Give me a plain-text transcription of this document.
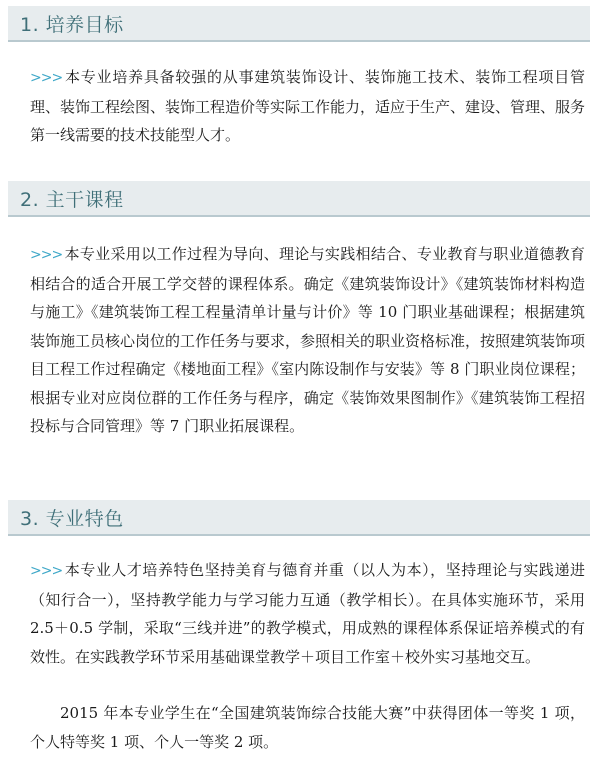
1. 培养目标

>>> 本专业培养具备较强的从事建筑装饰设计、装饰施工技术、装饰工程项目管理、装饰工程绘图、装饰工程造价等实际工作能力，适应于生产、建设、管理、服务第一线需要的技术技能型人才。

2. 主干课程

>>> 本专业采用以工作过程为导向、理论与实践相结合、专业教育与职业道德教育相结合的适合开展工学交替的课程体系。确定《建筑装饰设计》《建筑装饰材料构造与施工》《建筑装饰工程工程量清单计量与计价》等 10 门职业基础课程；根据建筑装饰施工员核心岗位的工作任务与要求，参照相关的职业资格标准，按照建筑装饰项目工程工作过程确定《楼地面工程》《室内陈设制作与安装》等 8 门职业岗位课程；根据专业对应岗位群的工作任务与程序，确定《装饰效果图制作》《建筑装饰工程招投标与合同管理》等 7 门职业拓展课程。

3. 专业特色

>>> 本专业人才培养特色坚持美育与德育并重（以人为本），坚持理论与实践递进（知行合一），坚持教学能力与学习能力互通（教学相长）。在具体实施环节，采用 2.5＋0.5 学制，采取“三线并进”的教学模式，用成熟的课程体系保证培养模式的有效性。在实践教学环节采用基础课堂教学＋项目工作室＋校外实习基地交互。

2015 年本专业学生在“全国建筑装饰综合技能大赛”中获得团体一等奖 1 项，个人特等奖 1 项、个人一等奖 2 项。
